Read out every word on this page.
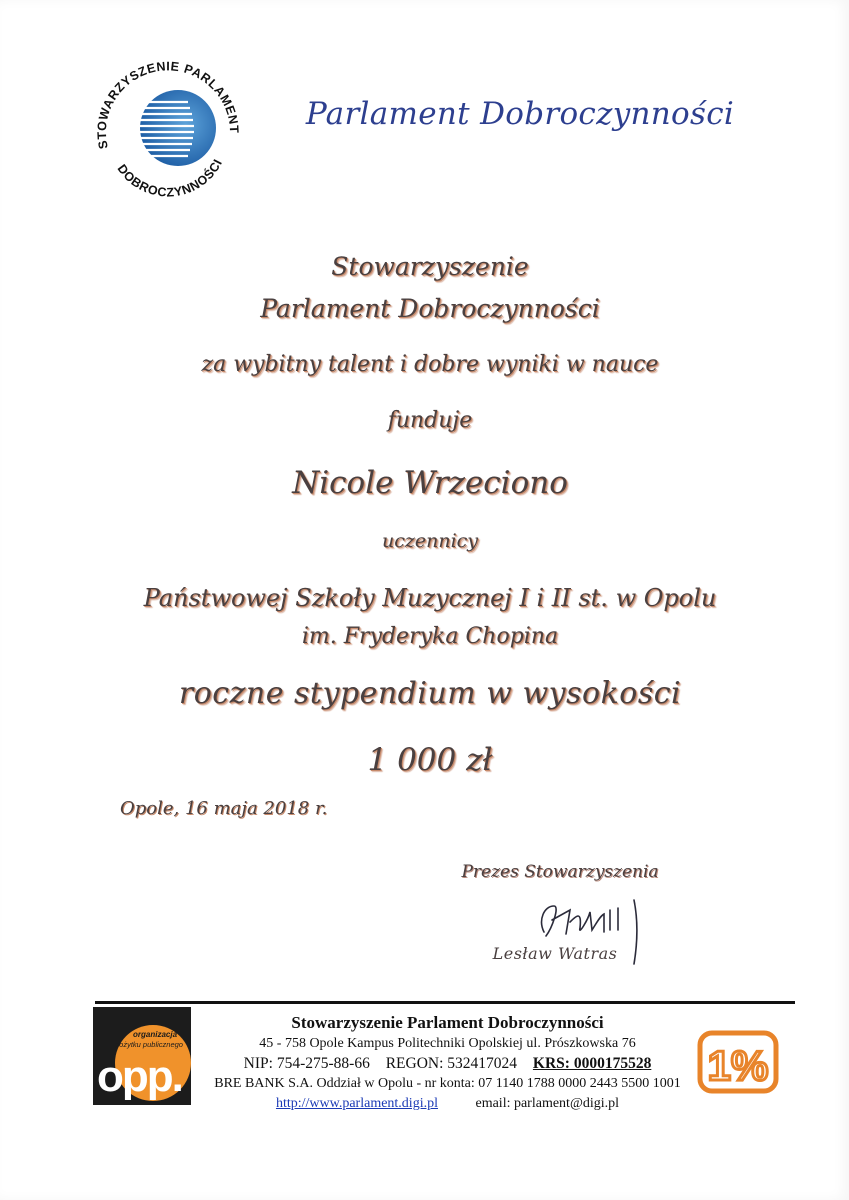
STOWARZYSZENIE PARLAMENT
DOBROCZYNNOŚCI
Parlament Dobroczynności
Stowarzyszenie
Parlament Dobroczynności
za wybitny talent i dobre wyniki w nauce
funduje
Nicole Wrzeciono
uczennicy
Państwowej Szkoły Muzycznej I i II st. w Opolu
im. Fryderyka Chopina
roczne stypendium w wysokości
1 000 zł
Opole, 16 maja 2018 r.
Prezes Stowarzyszenia
Lesław Watras
organizacja
pożytku publicznego
opp.
Stowarzyszenie Parlament Dobroczynności
45 - 758 Opole Kampus Politechniki Opolskiej ul. Prószkowska 76
NIP: 754-275-88-66 REGON: 532417024 KRS: 0000175528
BRE BANK S.A. Oddział w Opolu - nr konta: 07 1140 1788 0000 2443 5500 1001
http://www.parlament.digi.pl	email: parlament@digi.pl
1%
